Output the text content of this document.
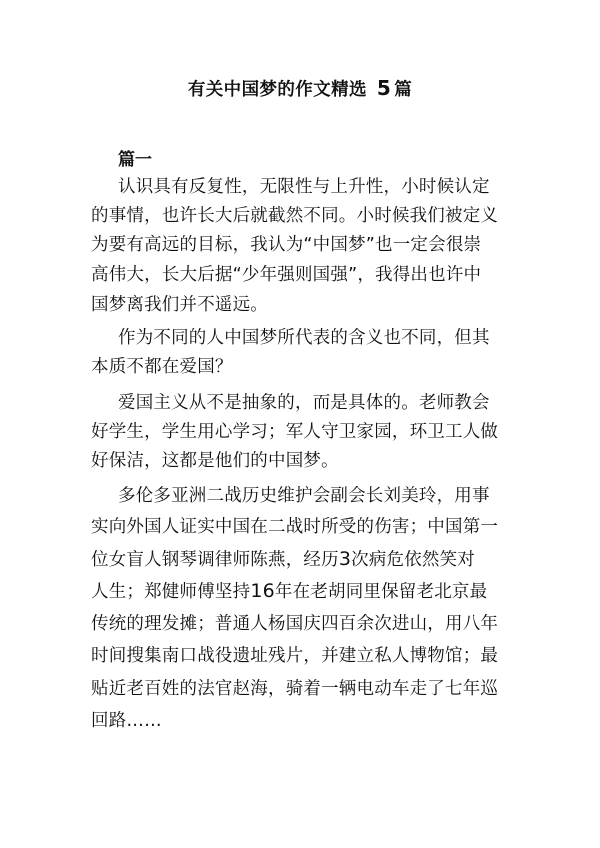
有关中国梦的作文精选 5 篇
篇一
认识具有反复性，无限性与上升性，小时候认定
的事情，也许长大后就截然不同。小时候我们被定义
为要有高远的目标，我认为“中国梦”也一定会很崇
高伟大，长大后据“少年强则国强”，我得出也许中
国梦离我们并不遥远。
作为不同的人中国梦所代表的含义也不同，但其
本质不都在爱国？
爱国主义从不是抽象的，而是具体的。老师教会
好学生，学生用心学习；军人守卫家园，环卫工人做
好保洁，这都是他们的中国梦。
多伦多亚洲二战历史维护会副会长刘美玲，用事
实向外国人证实中国在二战时所受的伤害；中国第一
位女盲人钢琴调律师陈燕，经历3次病危依然笑对
人生；郑健师傅坚持16年在老胡同里保留老北京最
传统的理发摊；普通人杨国庆四百余次进山，用八年
时间搜集南口战役遗址残片，并建立私人博物馆；最
贴近老百姓的法官赵海，骑着一辆电动车走了七年巡
回路……
